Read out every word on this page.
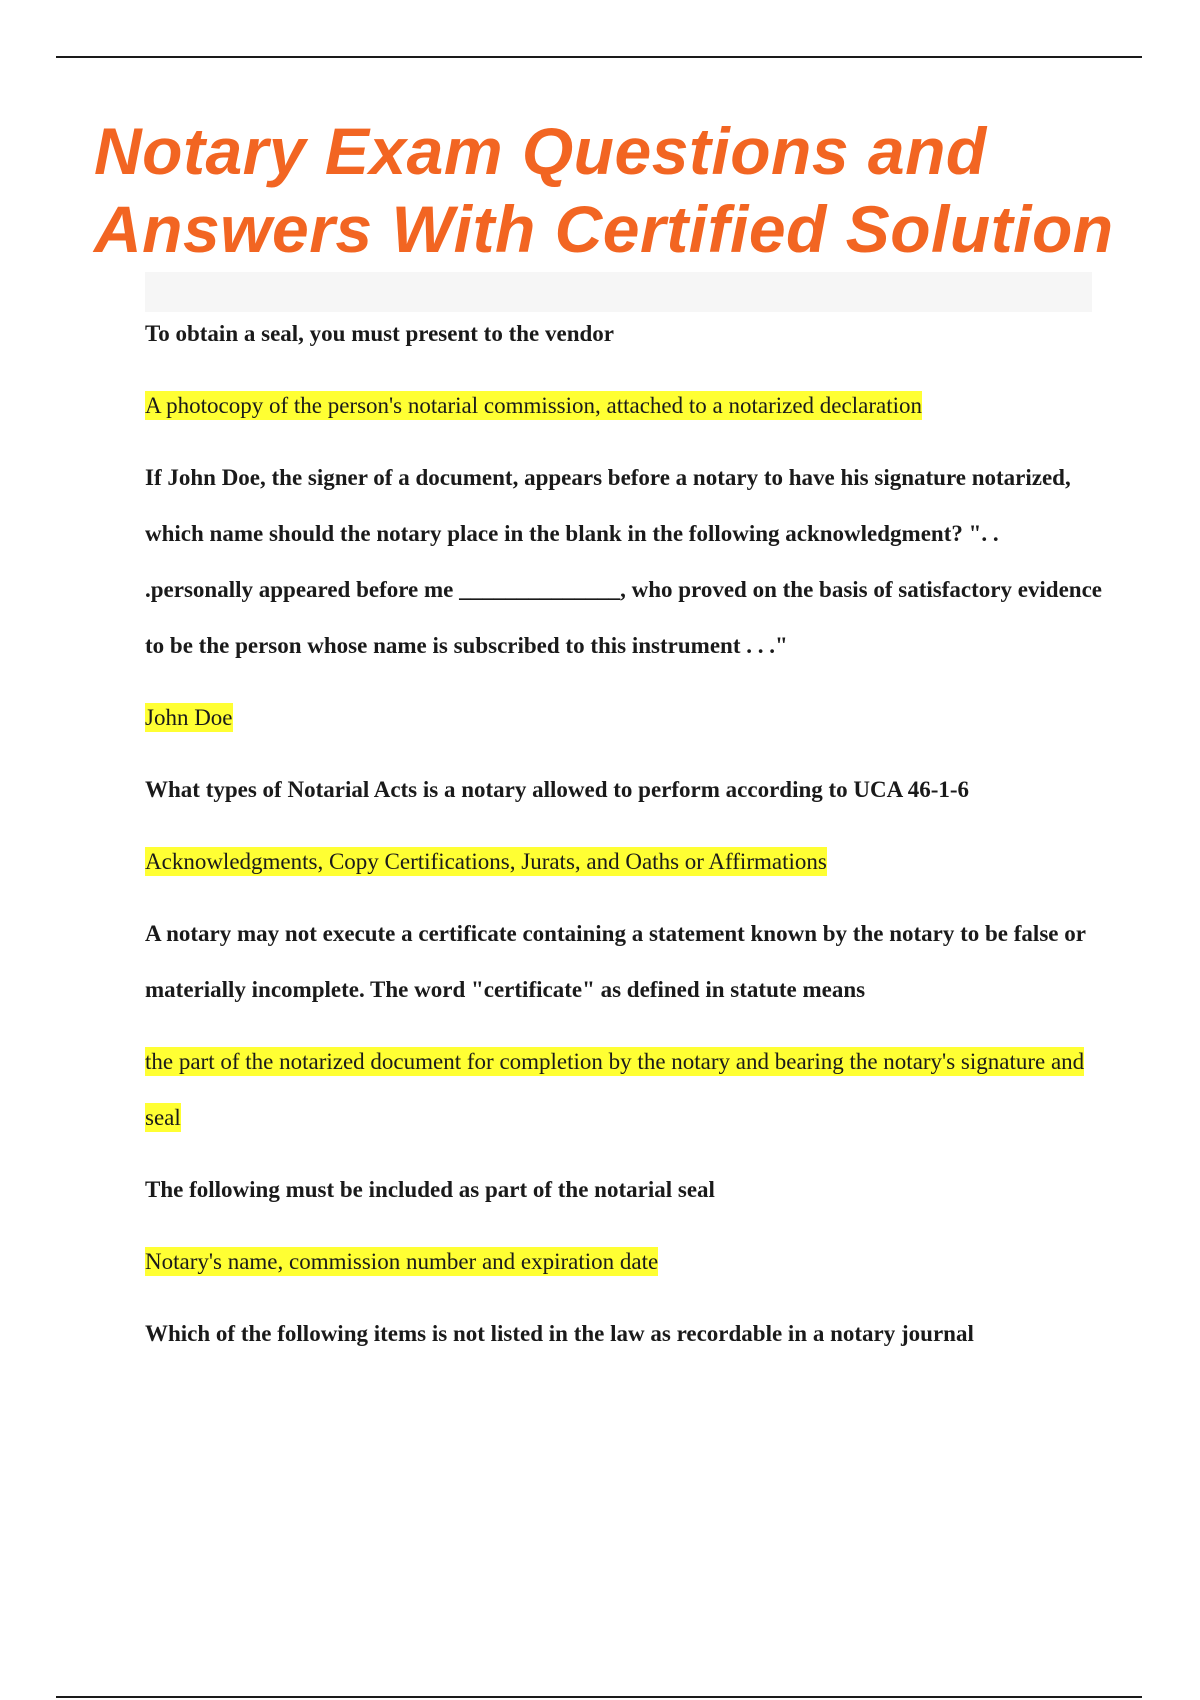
Notary Exam Questions and Answers With Certified Solution

To obtain a seal, you must present to the vendor

A photocopy of the person's notarial commission, attached to a notarized declaration

If John Doe, the signer of a document, appears before a notary to have his signature notarized, which name should the notary place in the blank in the following acknowledgment? ". . .personally appeared before me ______________, who proved on the basis of satisfactory evidence to be the person whose name is subscribed to this instrument . . ."

John Doe

What types of Notarial Acts is a notary allowed to perform according to UCA 46-1-6

Acknowledgments, Copy Certifications, Jurats, and Oaths or Affirmations

A notary may not execute a certificate containing a statement known by the notary to be false or materially incomplete. The word "certificate" as defined in statute means

the part of the notarized document for completion by the notary and bearing the notary's signature and seal

The following must be included as part of the notarial seal

Notary's name, commission number and expiration date

Which of the following items is not listed in the law as recordable in a notary journal
